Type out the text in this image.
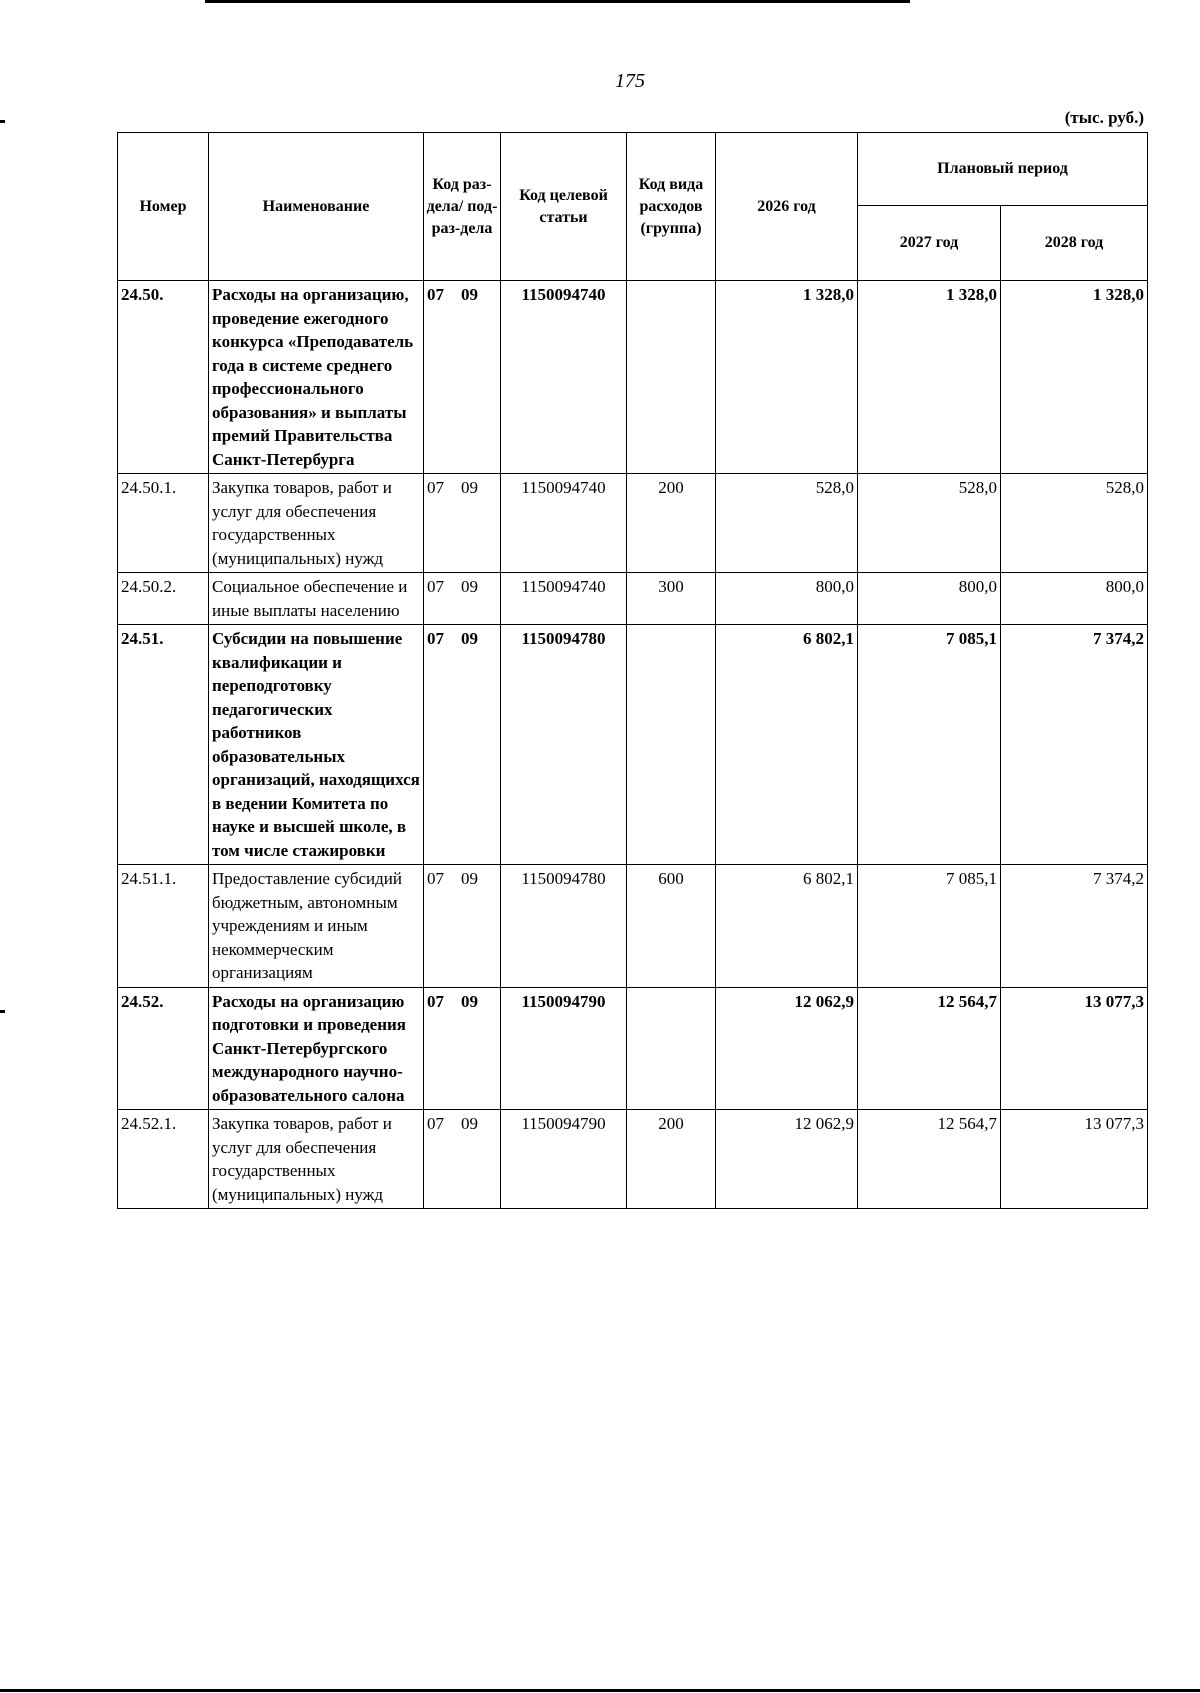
175
(тыс. руб.)
Номер	Наименование	Код раз-дела/ под-раз-дела	Код целевой статьи	Код вида расходов (группа)	2026 год	Плановый период	
						2027 год	2028 год
24.50.	Расходы на организацию, проведение ежегодного конкурса «Преподаватель года в системе среднего профессионального образования» и выплаты премий Правительства Санкт-Петербурга	07 09	1150094740		1 328,0	1 328,0	1 328,0
24.50.1.	Закупка товаров, работ и услуг для обеспечения государственных (муниципальных) нужд	07 09	1150094740	200	528,0	528,0	528,0
24.50.2.	Социальное обеспечение и иные выплаты населению	07 09	1150094740	300	800,0	800,0	800,0
24.51.	Субсидии на повышение квалификации и переподготовку педагогических работников образовательных организаций, находящихся в ведении Комитета по науке и высшей школе, в том числе стажировки	07 09	1150094780		6 802,1	7 085,1	7 374,2
24.51.1.	Предоставление субсидий бюджетным, автономным учреждениям и иным некоммерческим организациям	07 09	1150094780	600	6 802,1	7 085,1	7 374,2
24.52.	Расходы на организацию подготовки и проведения Санкт-Петербургского международного научно-образовательного салона	07 09	1150094790		12 062,9	12 564,7	13 077,3
24.52.1.	Закупка товаров, работ и услуг для обеспечения государственных (муниципальных) нужд	07 09	1150094790	200	12 062,9	12 564,7	13 077,3
